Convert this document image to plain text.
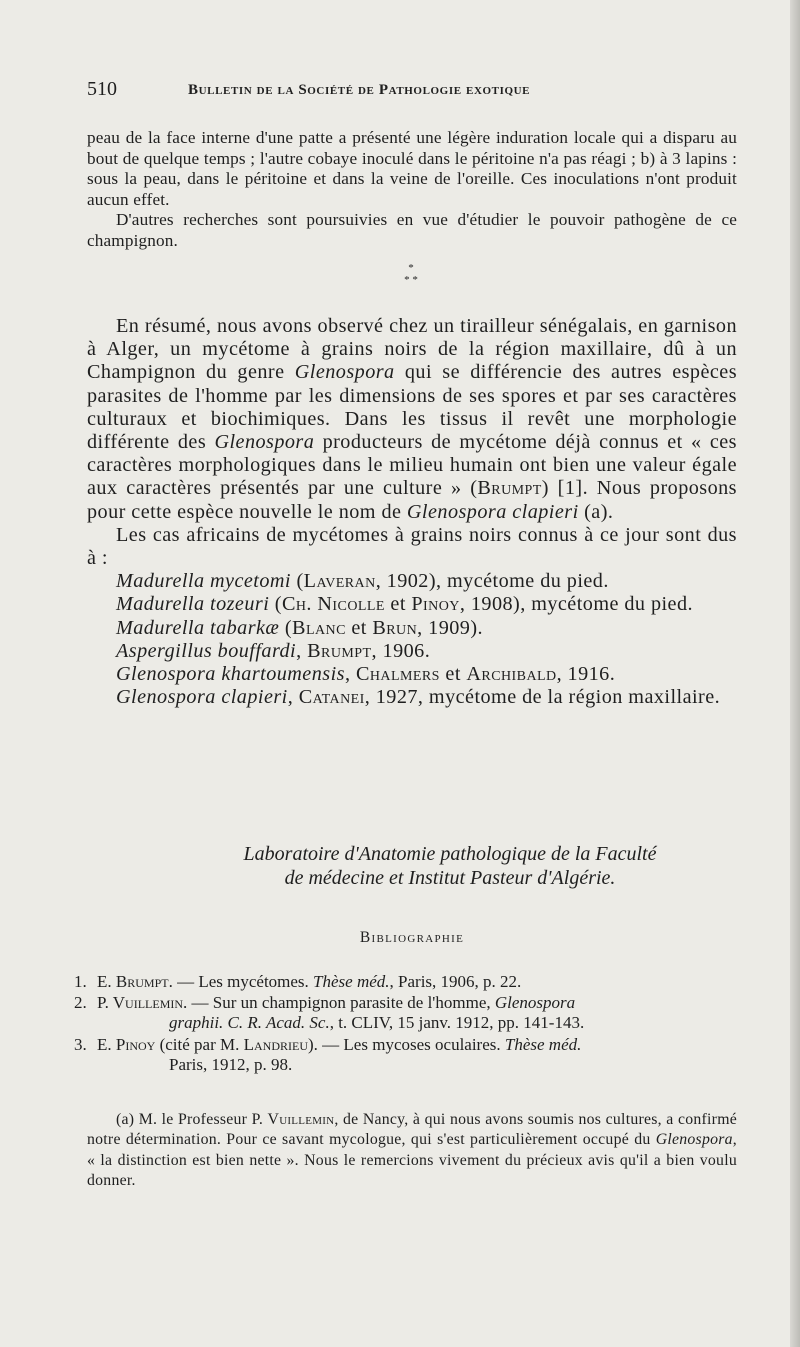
510	Bulletin de la Société de Pathologie exotique

peau de la face interne d'une patte a présenté une légère induration locale qui a disparu au bout de quelque temps ; l'autre cobaye inoculé dans le péritoine n'a pas réagi ; b) à 3 lapins : sous la peau, dans le péritoine et dans la veine de l'oreille. Ces inoculations n'ont produit aucun effet.

D'autres recherches sont poursuivies en vue d'étudier le pouvoir pathogène de ce champignon.

*
* *

En résumé, nous avons observé chez un tirailleur sénégalais, en garnison à Alger, un mycétome à grains noirs de la région maxillaire, dû à un Champignon du genre Glenospora qui se différencie des autres espèces parasites de l'homme par les dimensions de ses spores et par ses caractères culturaux et biochimiques. Dans les tissus il revêt une morphologie différente des Glenospora producteurs de mycétome déjà connus et « ces caractères morphologiques dans le milieu humain ont bien une valeur égale aux caractères présentés par une culture » (Brumpt) [1]. Nous proposons pour cette espèce nouvelle le nom de Glenospora clapieri (a).

Les cas africains de mycétomes à grains noirs connus à ce jour sont dus à :

Madurella mycetomi (Laveran, 1902), mycétome du pied.

Madurella tozeuri (Ch. Nicolle et Pinoy, 1908), mycétome du pied.

Madurella tabarkæ (Blanc et Brun, 1909).

Aspergillus bouffardi, Brumpt, 1906.

Glenospora khartoumensis, Chalmers et Archibald, 1916.

Glenospora clapieri, Catanei, 1927, mycétome de la région maxillaire.

Laboratoire d'Anatomie pathologique de la Faculté
de médecine et Institut Pasteur d'Algérie.
Bibliographie
1. E. Brumpt. — Les mycétomes. Thèse méd., Paris, 1906, p. 22.
2. P. Vuillemin. — Sur un champignon parasite de l'homme, Glenospora
graphii. C. R. Acad. Sc., t. CLIV, 15 janv. 1912, pp. 141-143.
3. E. Pinoy (cité par M. Landrieu). — Les mycoses oculaires. Thèse méd.
Paris, 1912, p. 98.

(a) M. le Professeur P. Vuillemin, de Nancy, à qui nous avons soumis nos cultures, a confirmé notre détermination. Pour ce savant mycologue, qui s'est particulièrement occupé du Glenospora, « la distinction est bien nette ». Nous le remercions vivement du précieux avis qu'il a bien voulu donner.
